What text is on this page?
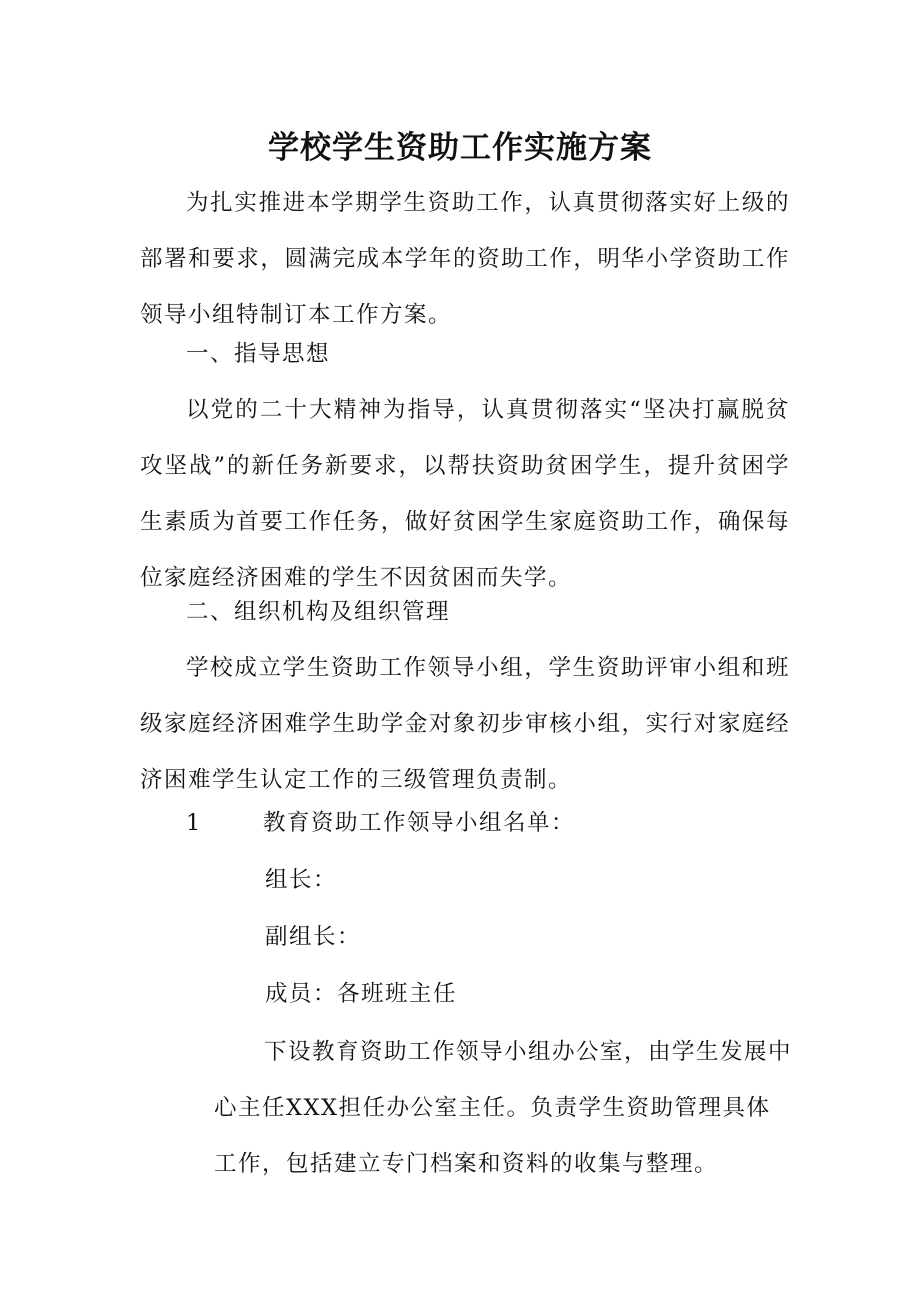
学校学生资助工作实施方案

为扎实推进本学期学生资助工作，认真贯彻落实好上级的部署和要求，圆满完成本学年的资助工作，明华小学资助工作领导小组特制订本工作方案。

一、指导思想

以党的二十大精神为指导，认真贯彻落实“坚决打赢脱贫攻坚战”的新任务新要求，以帮扶资助贫困学生，提升贫困学生素质为首要工作任务，做好贫困学生家庭资助工作，确保每位家庭经济困难的学生不因贫困而失学。

二、组织机构及组织管理

学校成立学生资助工作领导小组，学生资助评审小组和班级家庭经济困难学生助学金对象初步审核小组，实行对家庭经济困难学生认定工作的三级管理负责制。

1	教育资助工作领导小组名单：
组长：
副组长：
成员：各班班主任

下设教育资助工作领导小组办公室，由学生发展中心主任XXX担任办公室主任。负责学生资助管理具体工作，包括建立专门档案和资料的收集与整理。
